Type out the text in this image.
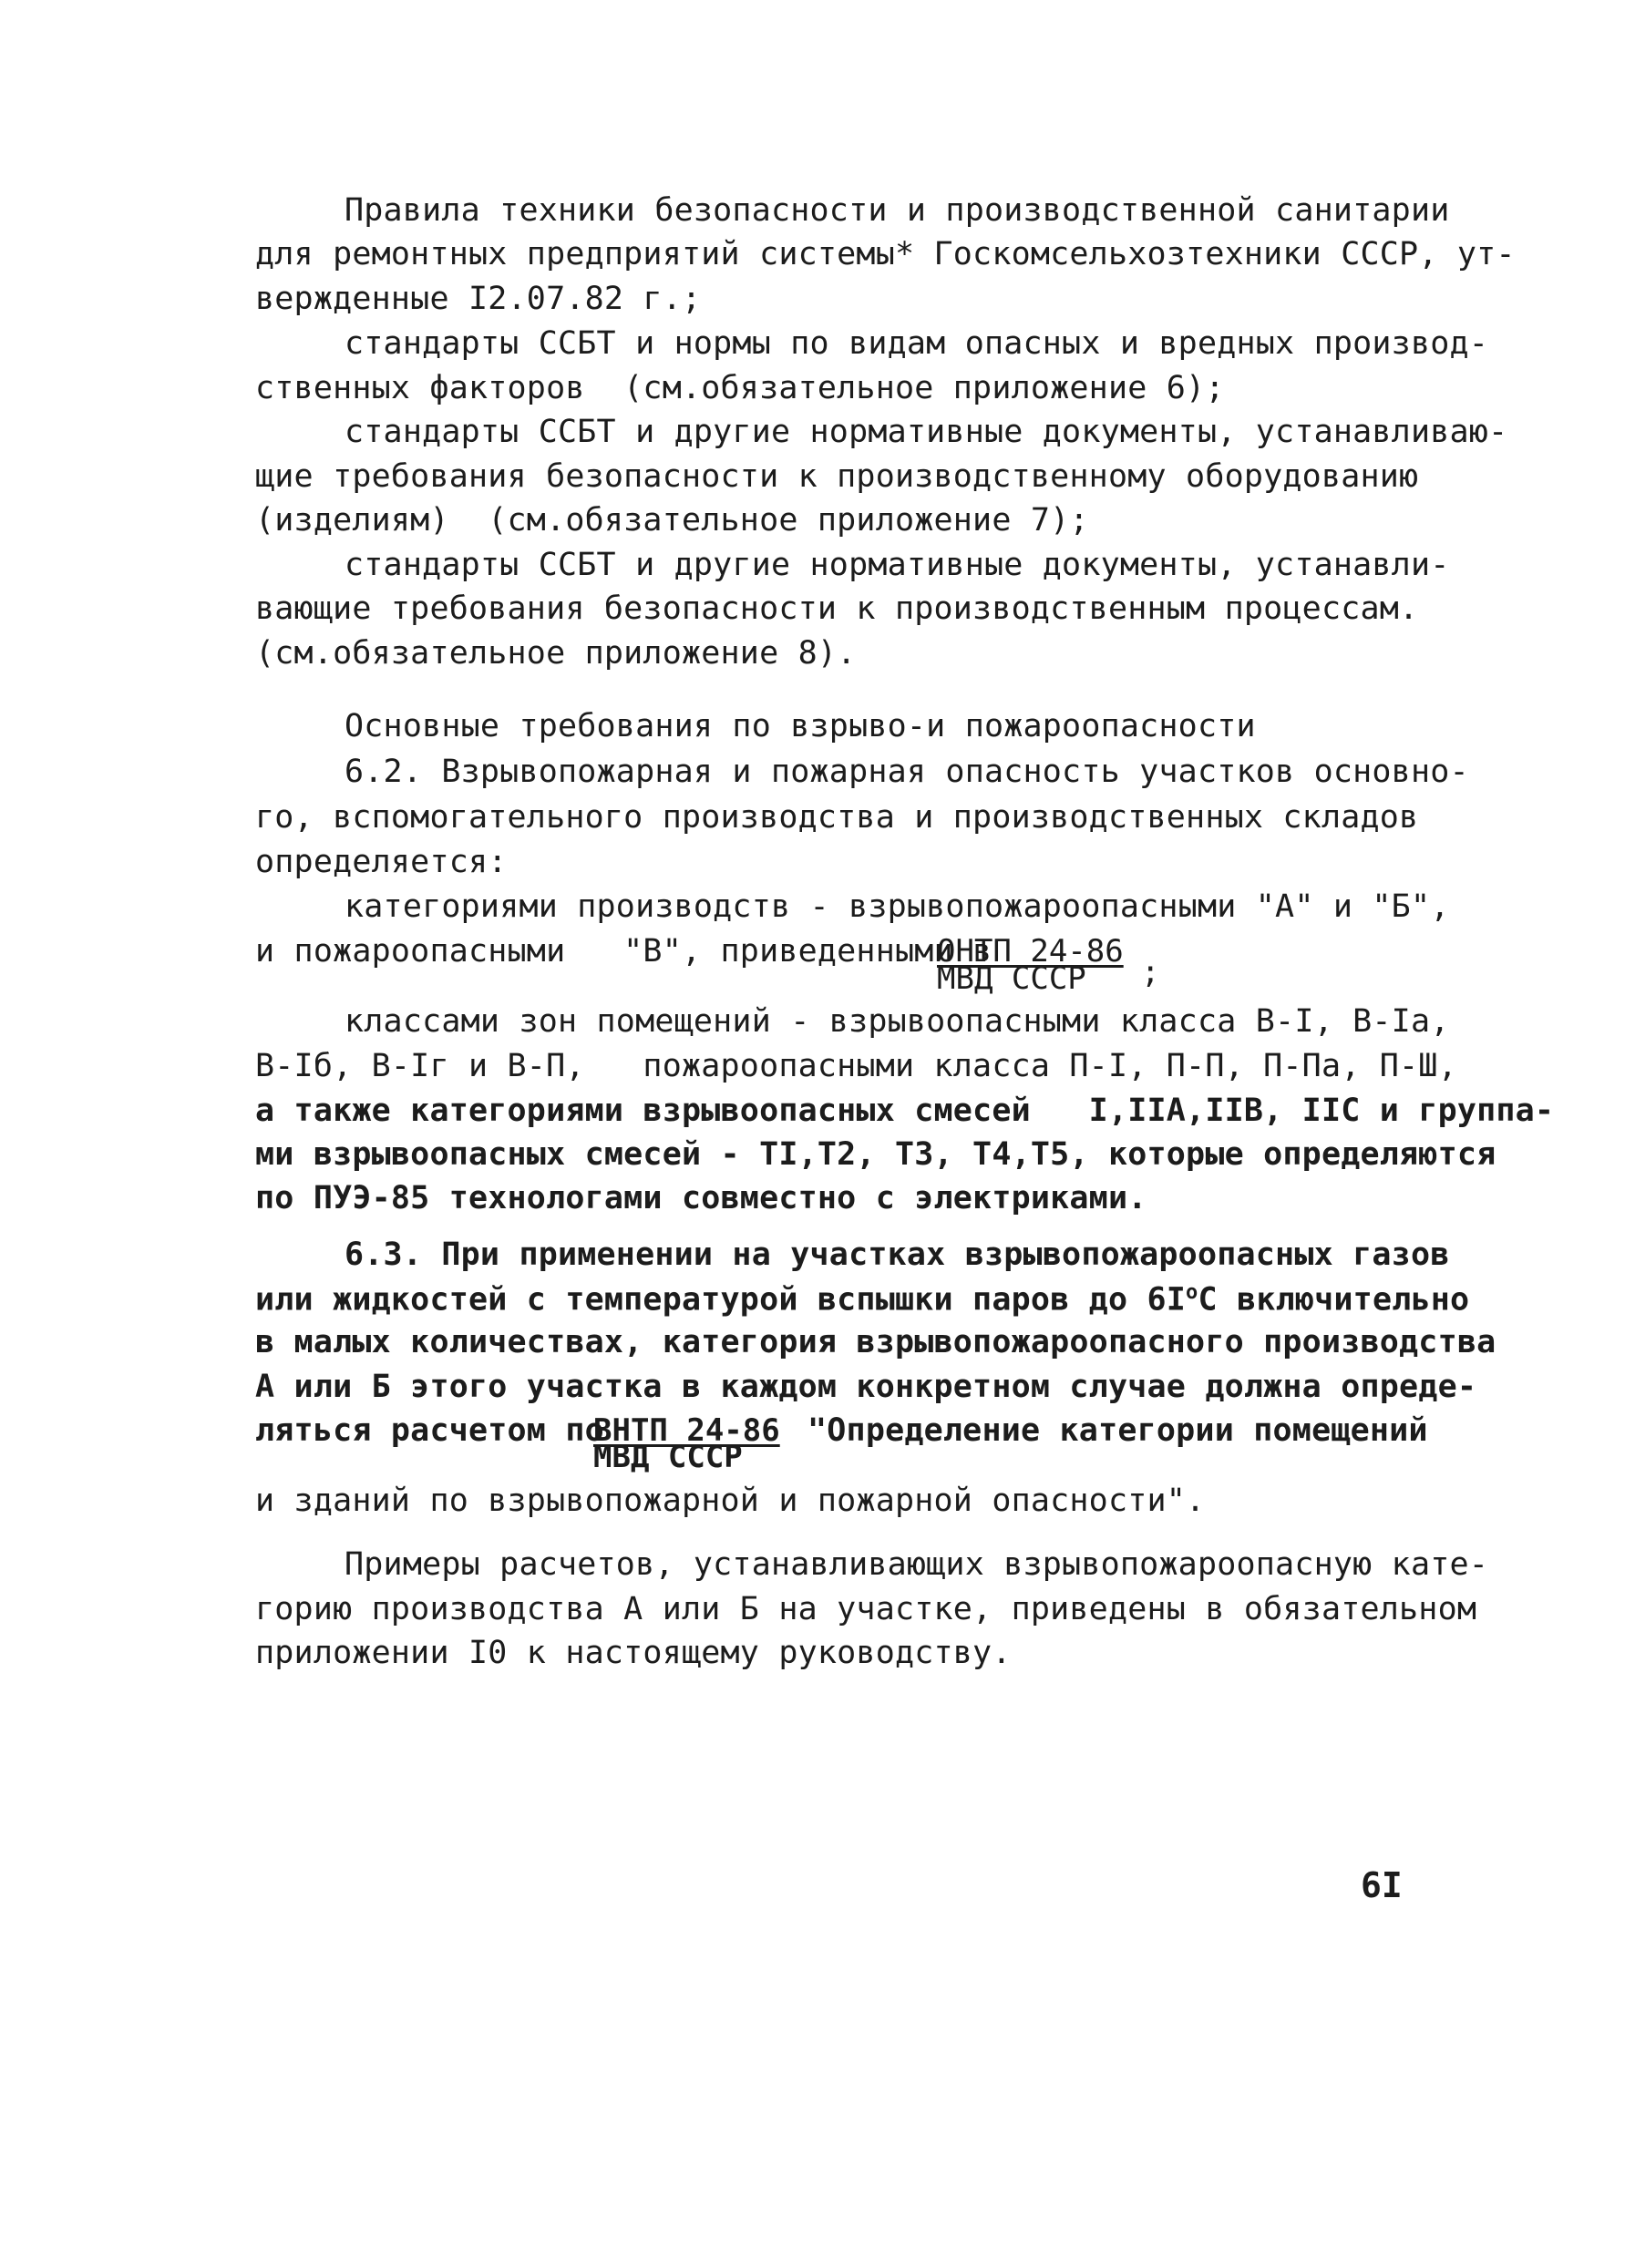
Правила техники безопасности и производственной санитарии
для ремонтных предприятий системы* Госкомсельхозтехники СССР, ут-
вержденные I2.07.82 г.;
стандарты ССБТ и нормы по видам опасных и вредных производ-
ственных факторов  (см.обязательное приложение 6);
стандарты ССБТ и другие нормативные документы, устанавливаю-
щие требования безопасности к производственному оборудованию
(изделиям)  (см.обязательное приложение 7);
стандарты ССБТ и другие нормативные документы, устанавли-
вающие требования безопасности к производственным процессам.
(см.обязательное приложение 8).
Основные требования по взрыво-и пожароопасности
6.2. Взрывопожарная и пожарная опасность участков основно-
го, вспомогательного производства и производственных складов
определяется:
категориями производств - взрывопожароопасными "А" и "Б",
и пожароопасными   "В", приведенными в
ОНТП 24-86
МВД СССР ;
классами зон помещений - взрывоопасными класса В-I, В-Iа,
В-Iб, В-Iг и В-П,   пожароопасными класса П-I, П-П, П-Пa, П-Ш,
а также категориями взрывоопасных смесей   I,IIA,IIB, IIC и группа-
ми взрывоопасных смесей - TI,T2, T3, T4,T5, которые определяются
по ПУЭ-85 технологами совместно с электриками.
6.3. При применении на участках взрывопожароопасных газов
или жидкостей с температурой вспышки паров до $6I^оC$ включительно
в малых количествах, категория взрывопожароопасного производства
А или Б этого участка в каждом конкретном случае должна опреде-
ляться расчетом по
ВНТП 24-86
МВД СССР
"Определение категории помещений
и зданий по взрывопожарной и пожарной опасности".
Примеры расчетов, устанавливающих взрывопожароопасную кате-
горию производства А или Б на участке, приведены в обязательном
приложении I0 к настоящему руководству.
6I
